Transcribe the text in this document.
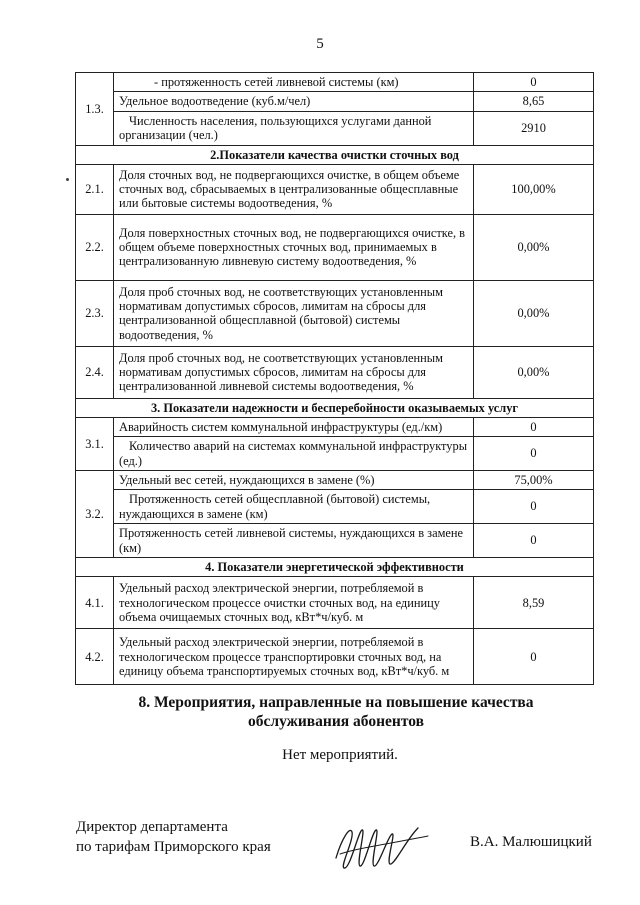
5
1.3.	- протяженность сетей ливневой системы (км)	0
	Удельное водоотведение (куб.м/чел)	8,65
	Численность населения, пользующихся услугами данной организации (чел.)	2910
2.Показатели качества очистки сточных вод		
2.1.	Доля сточных вод, не подвергающихся очистке, в общем объеме сточных вод, сбрасываемых в централизованные общесплавные или бытовые системы водоотведения, %	100,00%
2.2.	Доля поверхностных сточных вод, не подвергающихся очистке, в общем объеме поверхностных сточных вод, принимаемых в централизованную ливневую систему водоотведения, %	0,00%
2.3.	Доля проб сточных вод, не соответствующих установленным нормативам допустимых сбросов, лимитам на сбросы для централизованной общесплавной (бытовой) системы водоотведения, %	0,00%
2.4.	Доля проб сточных вод, не соответствующих установленным нормативам допустимых сбросов, лимитам на сбросы для централизованной ливневой системы водоотведения, %	0,00%
3. Показатели надежности и бесперебойности оказываемых услуг		
3.1.	Аварийность систем коммунальной инфраструктуры (ед./км)	0
	Количество аварий на системах коммунальной инфраструктуры (ед.)	0
3.2.	Удельный вес сетей, нуждающихся в замене (%)	75,00%
	Протяженность сетей общесплавной (бытовой) системы, нуждающихся в замене (км)	0
	Протяженность сетей ливневой системы, нуждающихся в замене (км)	0
4. Показатели энергетической эффективности		
4.1.	Удельный расход электрической энергии, потребляемой в технологическом процессе очистки сточных вод, на единицу объема очищаемых сточных вод, кВт*ч/куб. м	8,59
4.2.	Удельный расход электрической энергии, потребляемой в технологическом процессе транспортировки сточных вод, на единицу объема транспортируемых сточных вод, кВт*ч/куб. м	0
8. Мероприятия, направленные на повышение качества
обслуживания абонентов
Нет мероприятий.
Директор департамента
по тарифам Приморского края	В.А. Малюшицкий
